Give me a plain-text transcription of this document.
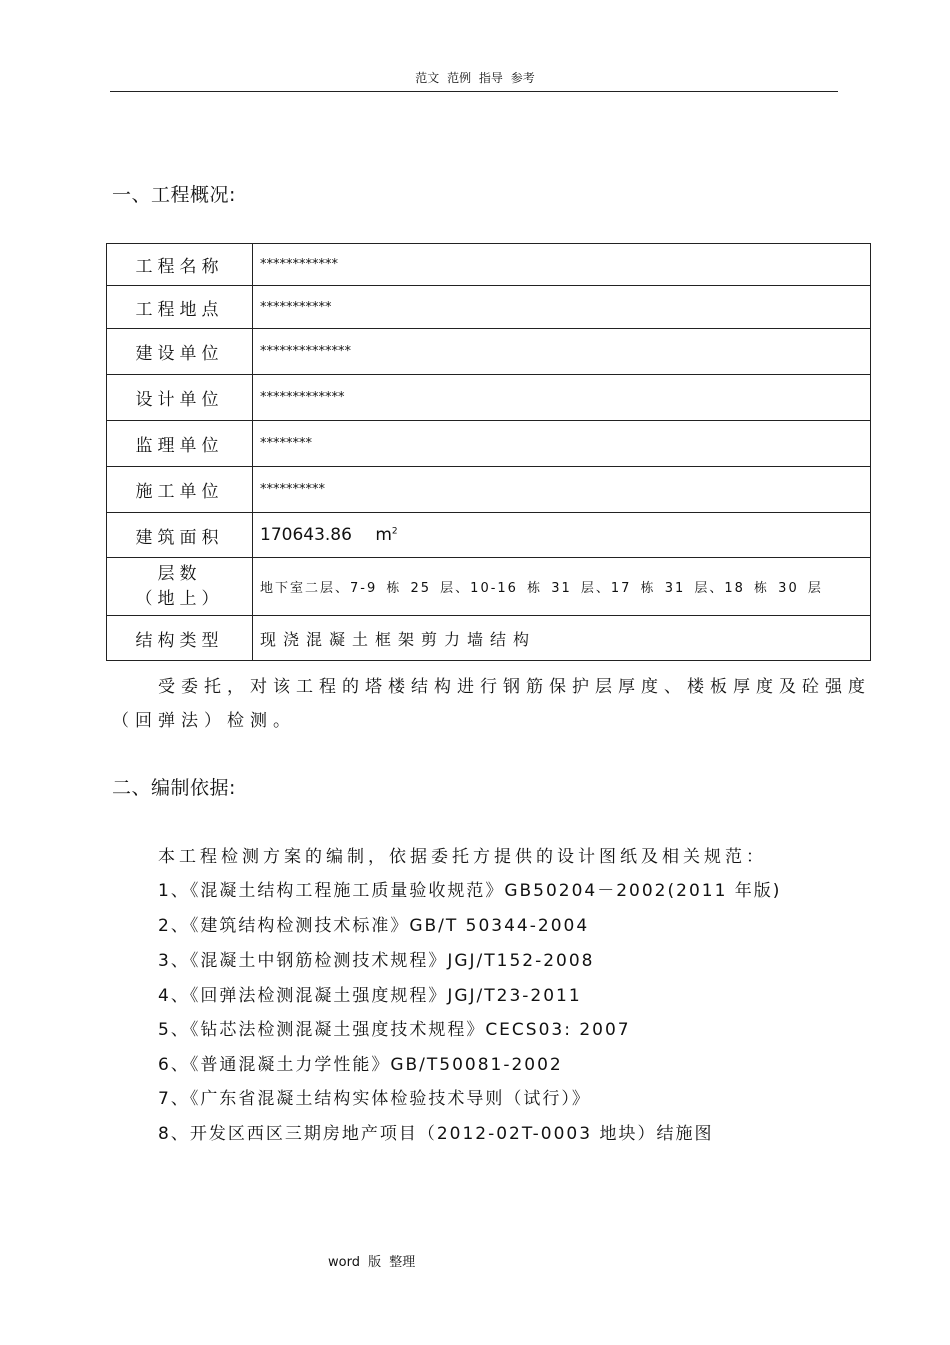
范文 范例 指导 参考
一、工程概况:
工程名称	************
工程地点	***********
建设单位	**************
设计单位	*************
监理单位	********
施工单位	**********
建筑面积	170643.86 $m^2$

层数
（地上）	地下室二层、7-9 栋 25 层、10-16 栋 31 层、17 栋 31 层、18 栋 30 层
结构类型	现浇混凝土框架剪力墙结构
受委托，对该工程的塔楼结构进行钢筋保护层厚度、楼板厚度及砼强度
（回弹法）检测。
二、编制依据:
本工程检测方案的编制，依据委托方提供的设计图纸及相关规范：
1、《混凝土结构工程施工质量验收规范》GB50204－2002(2011 年版)
2、《建筑结构检测技术标准》GB/T 50344-2004
3、《混凝土中钢筋检测技术规程》JGJ/T152-2008
4、《回弹法检测混凝土强度规程》JGJ/T23-2011
5、《钻芯法检测混凝土强度技术规程》CECS03: 2007
6、《普通混凝土力学性能》GB/T50081-2002
7、《广东省混凝土结构实体检验技术导则（试行）》
8、开发区西区三期房地产项目（2012-02T-0003 地块）结施图
word 版 整理
